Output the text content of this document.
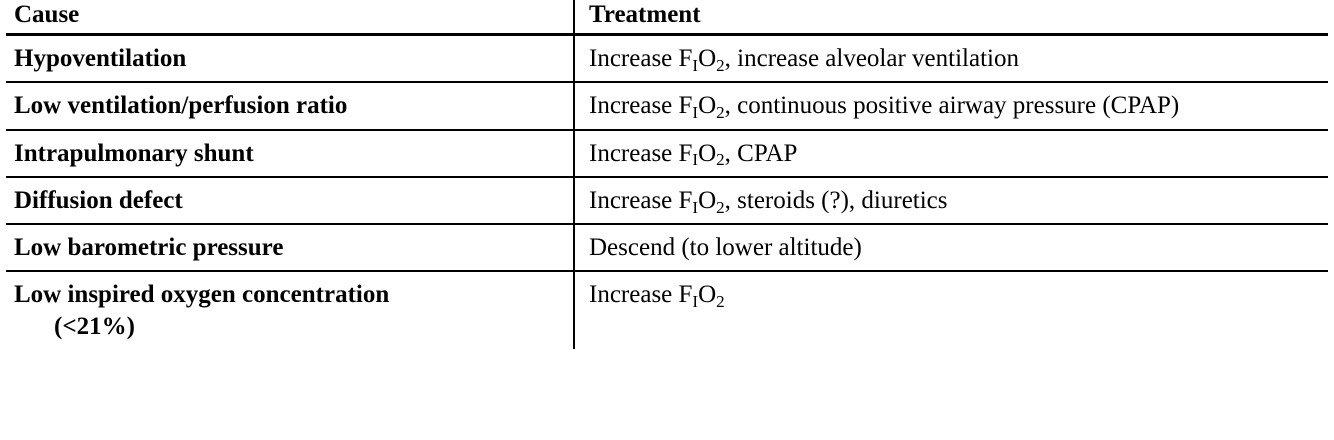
Cause	Treatment
Hypoventilation	Increase $F_IO_2$, increase alveolar ventilation
Low ventilation/perfusion ratio	Increase $F_IO_2$, continuous positive airway pressure (CPAP)
Intrapulmonary shunt	Increase $F_IO_2$, CPAP
Diffusion defect	Increase $F_IO_2$, steroids (?), diuretics
Low barometric pressure	Descend (to lower altitude)
Low inspired oxygen concentration
(<21%)	Increase $F_IO_2$
